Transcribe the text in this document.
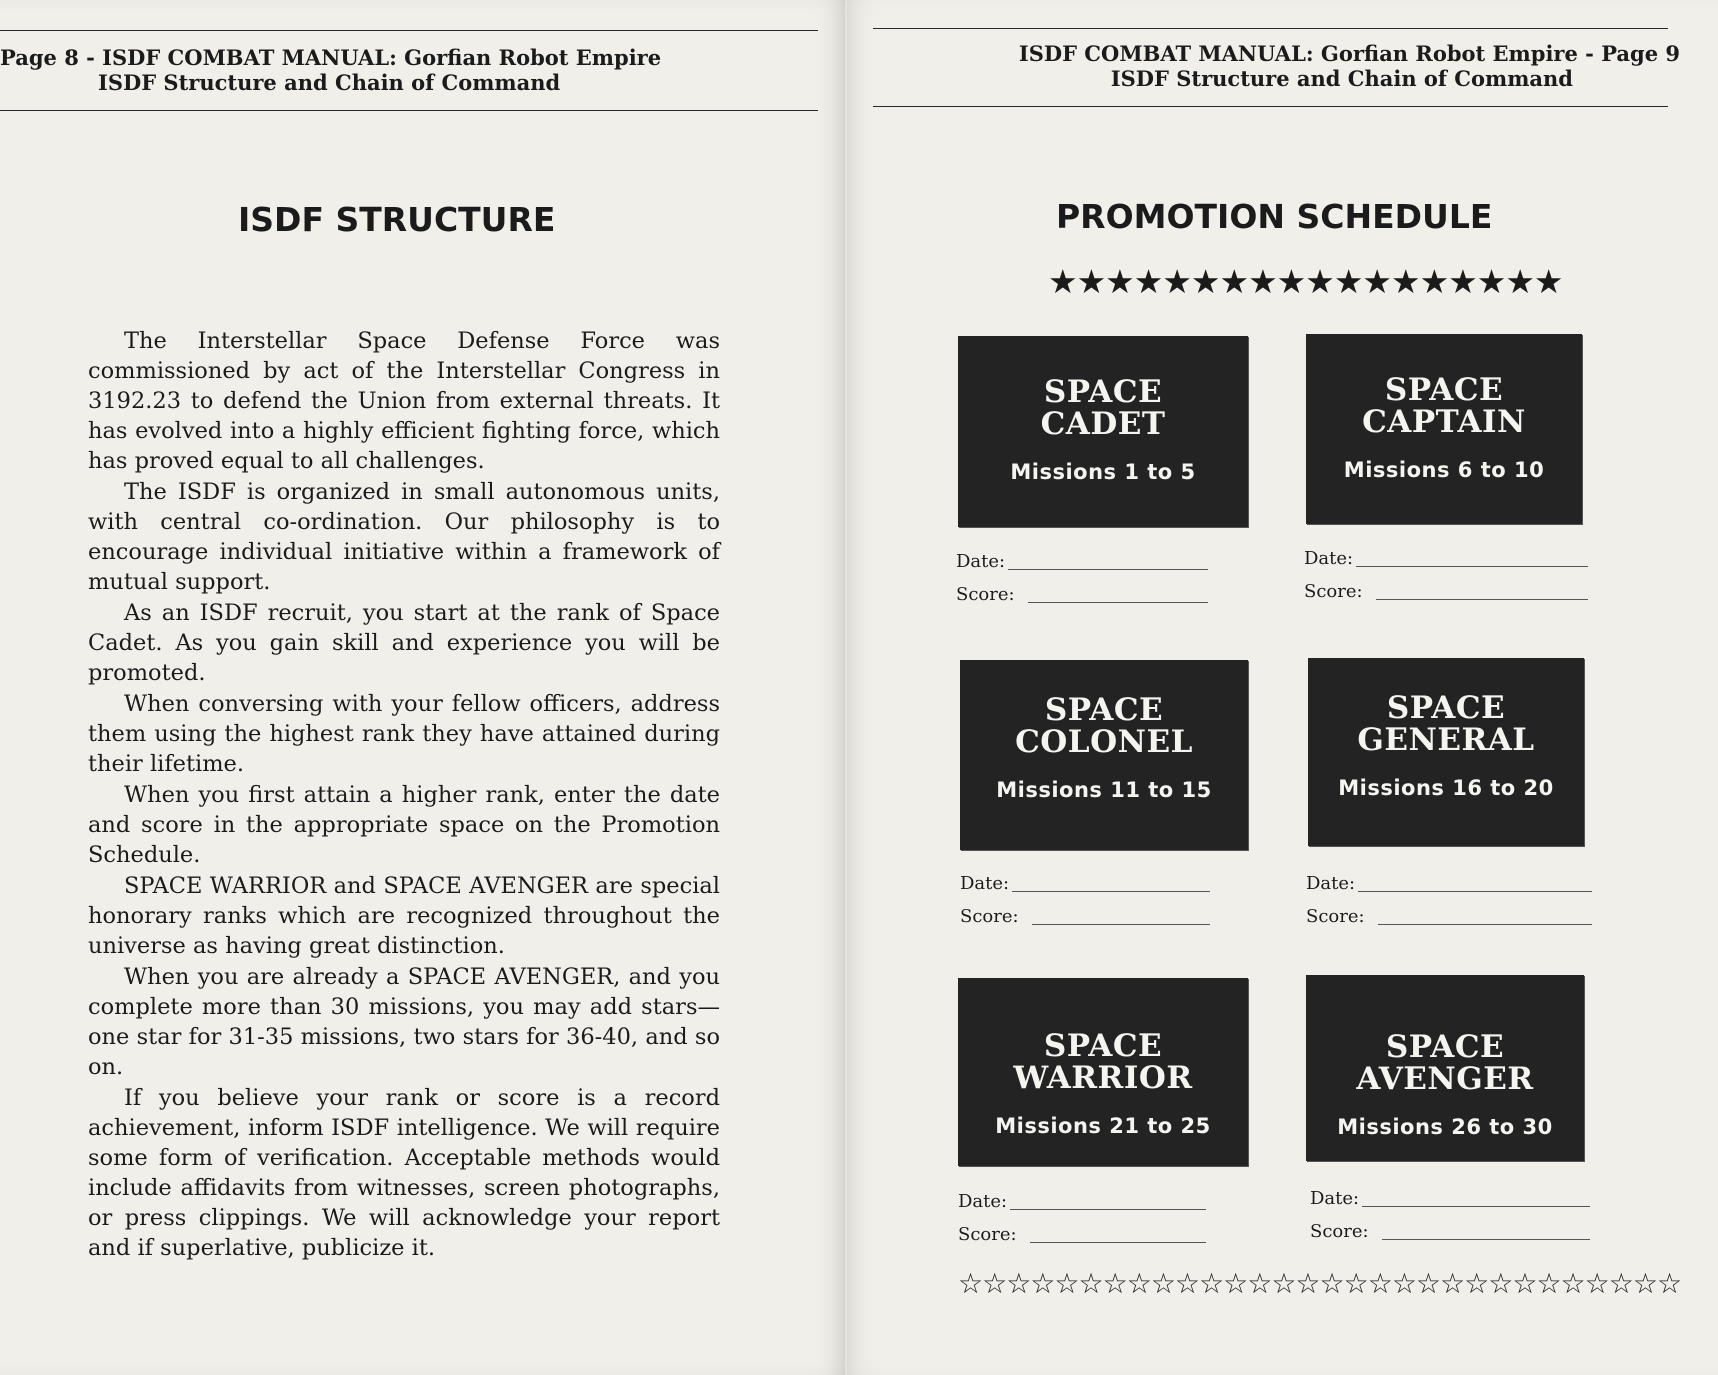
Page 8 - ISDF COMBAT MANUAL: Gorfian Robot Empire
ISDF Structure and Chain of Command
ISDF STRUCTURE

The Interstellar Space Defense Force was commissioned by act of the Interstellar Congress in 3192.23 to defend the Union from external threats. It has evolved into a highly efficient fighting force, which has proved equal to all challenges.

The ISDF is organized in small autonomous units, with central co-ordination. Our philosophy is to encourage individual initiative within a framework of mutual support.

As an ISDF recruit, you start at the rank of Space Cadet. As you gain skill and experience you will be promoted.

When conversing with your fellow officers, address them using the highest rank they have attained during their lifetime.

When you first attain a higher rank, enter the date and score in the appropriate space on the Promotion Schedule.

SPACE WARRIOR and SPACE AVENGER are special honorary ranks which are recognized throughout the universe as having great distinction.

When you are already a SPACE AVENGER, and you complete more than 30 missions, you may add stars—one star for 31-35 missions, two stars for 36-40, and so on.

If you believe your rank or score is a record achievement, inform ISDF intelligence. We will require some form of verification. Acceptable methods would include affidavits from witnesses, screen photographs, or press clippings. We will acknowledge your report and if superlative, publicize it.

ISDF COMBAT MANUAL: Gorfian Robot Empire - Page 9
ISDF Structure and Chain of Command
PROMOTION SCHEDULE
★★★★★★★★★★★★★★★★★★
SPACE
CADET
Missions 1 to 5
Date:
Score:
SPACE
CAPTAIN
Missions 6 to 10
Date:
Score:
SPACE
COLONEL
Missions 11 to 15
Date:
Score:
SPACE
GENERAL
Missions 16 to 20
Date:
Score:
SPACE
WARRIOR
Missions 21 to 25
Date:
Score:
SPACE
AVENGER
Missions 26 to 30
Date:
Score:
☆☆☆☆☆☆☆☆☆☆☆☆☆☆☆☆☆☆☆☆☆☆☆☆☆☆☆☆☆☆
